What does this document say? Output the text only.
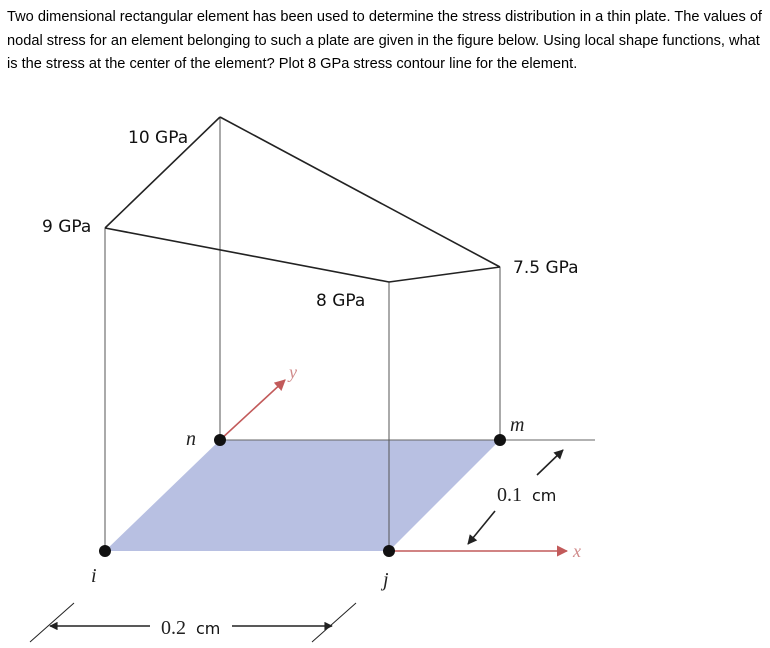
Two dimensional rectangular element has been used to determine the stress distribution in a thin plate. The values of nodal stress for an element belonging to such a plate are given in the figure below. Using local shape functions, what is the stress at the center of the element? Plot 8 GPa stress contour line for the element.

10 GPa
9 GPa
7.5 GPa
8 GPa
n
m
i	j
y
x
0.1 cm
0.2 cm
